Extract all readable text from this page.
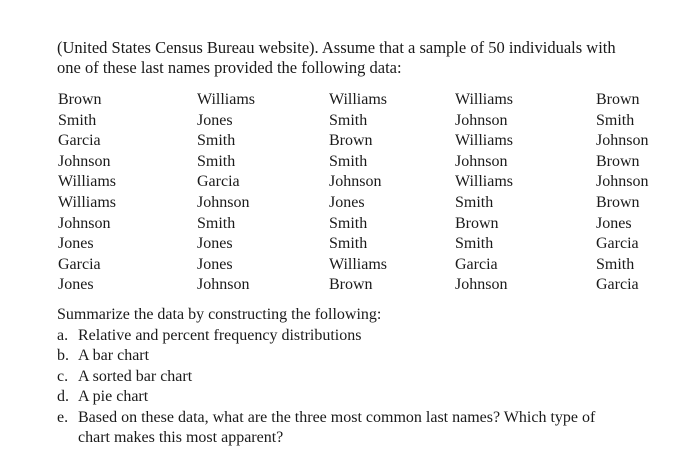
(United States Census Bureau website). Assume that a sample of 50 individuals with
one of these last names provided the following data:
Brown
Smith
Garcia
Johnson
Williams
Williams
Johnson
Jones
Garcia
Jones
Williams
Jones
Smith
Smith
Garcia
Johnson
Smith
Jones
Jones
Johnson
Williams
Smith
Brown
Smith
Johnson
Jones
Smith
Smith
Williams
Brown
Williams
Johnson
Williams
Johnson
Williams
Smith
Brown
Smith
Garcia
Johnson
Brown
Smith
Johnson
Brown
Johnson
Brown
Jones
Garcia
Smith
Garcia
Summarize the data by constructing the following:
a. Relative and percent frequency distributions
b. A bar chart
c. A sorted bar chart
d. A pie chart
e. Based on these data, what are the three most common last names? Which type of
chart makes this most apparent?
